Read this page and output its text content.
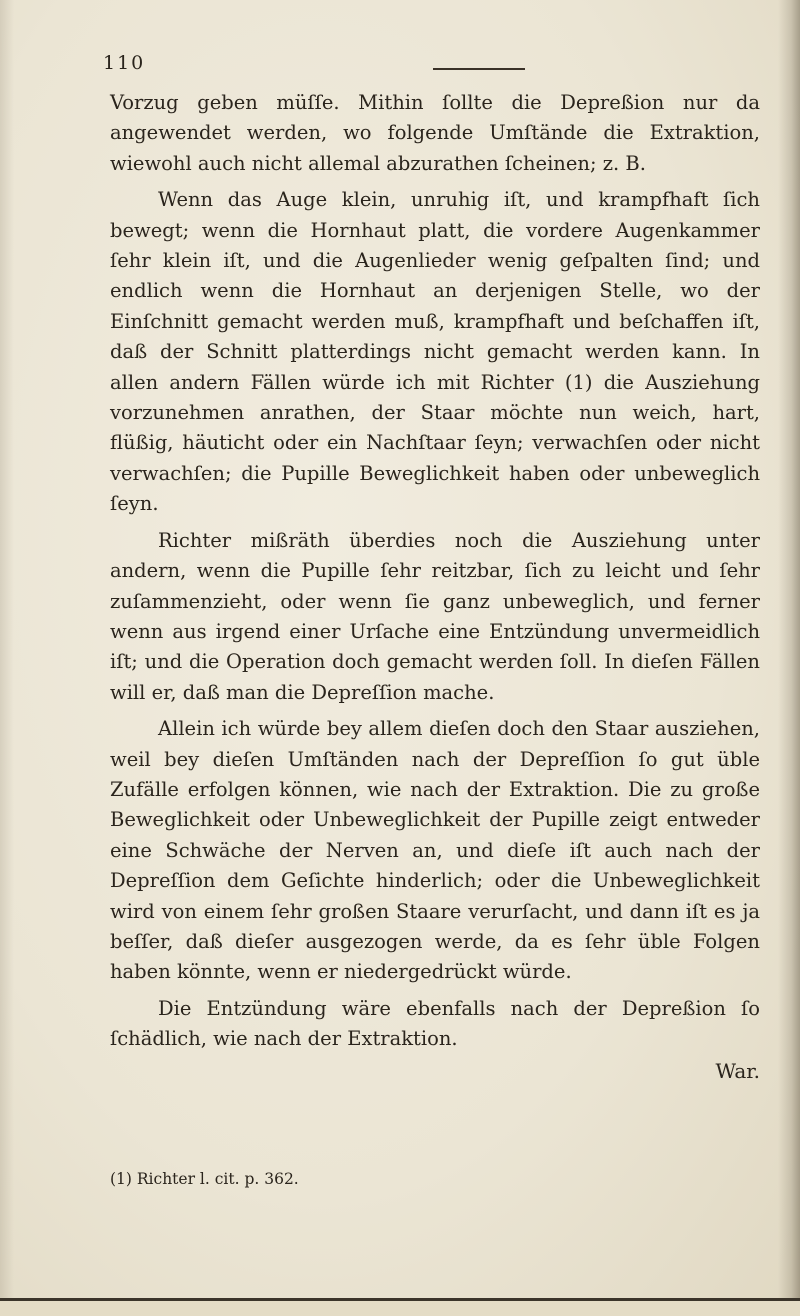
110

Vorzug geben müſſe. Mithin ſollte die Depreßion nur da angewendet werden, wo folgende Umſtände die Extraktion, wiewohl auch nicht allemal abzurathen ſcheinen; z. B.

Wenn das Auge klein, unruhig iſt, und krampfhaft ſich bewegt; wenn die Hornhaut platt, die vordere Augenkammer ſehr klein iſt, und die Augenlieder wenig geſpalten ſind; und endlich wenn die Hornhaut an derjenigen Stelle, wo der Einſchnitt gemacht werden muß, krampfhaft und beſchaffen iſt, daß der Schnitt platterdings nicht gemacht werden kann. In allen andern Fällen würde ich mit Richter (1) die Ausziehung vorzunehmen anrathen, der Staar möchte nun weich, hart, flüßig, häuticht oder ein Nachſtaar ſeyn; verwachſen oder nicht verwachſen; die Pupille Beweglichkeit haben oder unbeweglich ſeyn.

Richter mißräth überdies noch die Ausziehung unter andern, wenn die Pupille ſehr reitzbar, ſich zu leicht und ſehr zuſammenzieht, oder wenn ſie ganz unbeweglich, und ferner wenn aus irgend einer Urſache eine Entzündung unvermeidlich iſt; und die Operation doch gemacht werden ſoll. In dieſen Fällen will er, daß man die Depreſſion mache.

Allein ich würde bey allem dieſen doch den Staar ausziehen, weil bey dieſen Umſtänden nach der Depreſſion ſo gut üble Zufälle erfolgen können, wie nach der Extraktion. Die zu große Beweglichkeit oder Unbeweglichkeit der Pupille zeigt entweder eine Schwäche der Nerven an, und dieſe iſt auch nach der Depreſſion dem Geſichte hinderlich; oder die Unbeweglichkeit wird von einem ſehr großen Staare verurſacht, und dann iſt es ja beſſer, daß dieſer ausgezogen werde, da es ſehr üble Folgen haben könnte, wenn er niedergedrückt würde.

Die Entzündung wäre ebenfalls nach der Depreßion ſo ſchädlich, wie nach der Extraktion.

War.

(1) Richter l. cit. p. 362.
